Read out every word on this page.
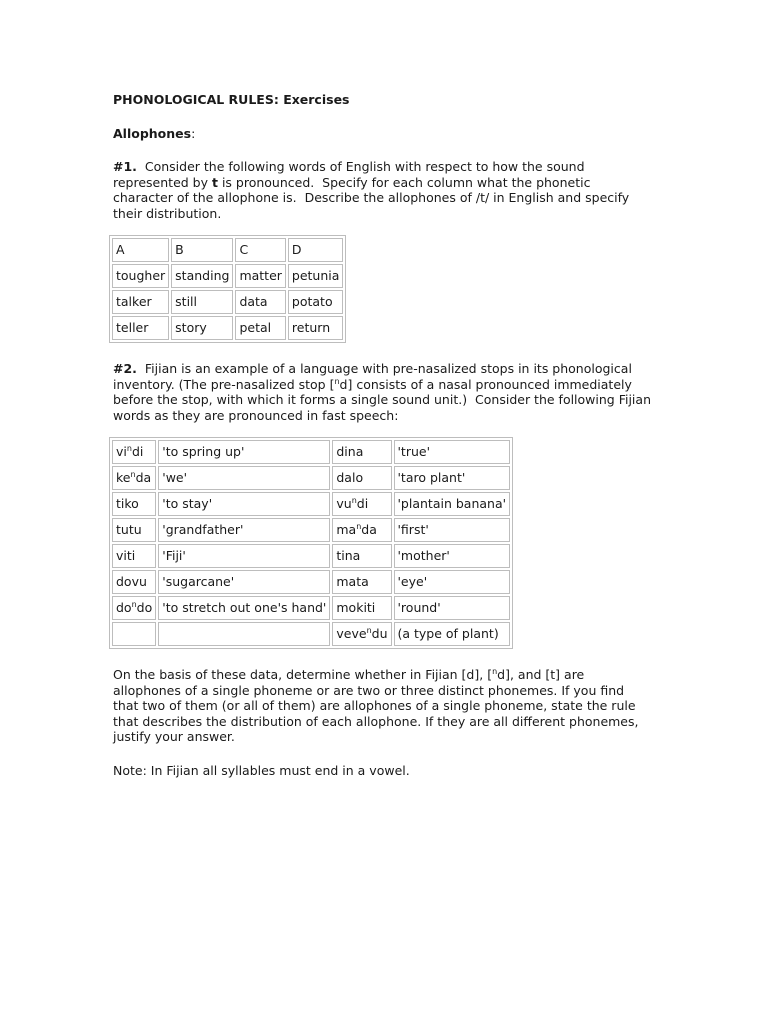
PHONOLOGICAL RULES: Exercises

Allophones:

#1.  Consider the following words of English with respect to how the sound represented by t is pronounced.  Specify for each column what the phonetic character of the allophone is.  Describe the allophones of /t/ in English and specify their distribution.

A	B	C	D
tougher	standing	matter	petunia
talker	still	data	potato
teller	story	petal	return

#2.  Fijian is an example of a language with pre-nasalized stops in its phonological inventory. (The pre-nasalized stop [$^n$d] consists of a nasal pronounced immediately before the stop, with which it forms a single sound unit.)  Consider the following Fijian words as they are pronounced in fast speech:

$vi^ndi$	'to spring up'	dina	'true'
$ke^nda$	'we'	dalo	'taro plant'
tiko	'to stay'	$vu^ndi$	'plantain banana'
tutu	'grandfather'	$ma^nda$	'first'
viti	'Fiji'	tina	'mother'
dovu	'sugarcane'	mata	'eye'
$do^ndo$	'to stretch out one's hand'	mokiti	'round'
		veve$^n$du	(a type of plant)

On the basis of these data, determine whether in Fijian [d], [$^n$d], and [t] are allophones of a single phoneme or are two or three distinct phonemes. If you find that two of them (or all of them) are allophones of a single phoneme, state the rule that describes the distribution of each allophone. If they are all different phonemes, justify your answer.

Note: In Fijian all syllables must end in a vowel.
